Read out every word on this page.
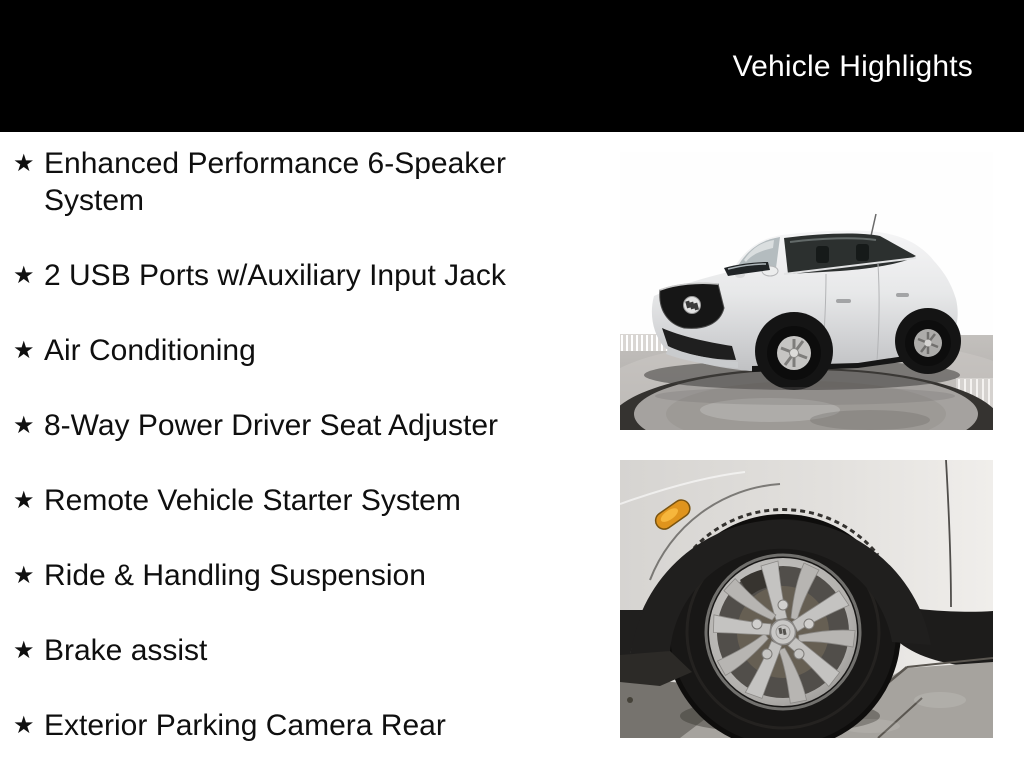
Vehicle Highlights
★ Enhanced Performance 6-Speaker System
★ 2 USB Ports w/Auxiliary Input Jack
★ Air Conditioning
★ 8-Way Power Driver Seat Adjuster
★ Remote Vehicle Starter System
★ Ride & Handling Suspension
★ Brake assist
★ Exterior Parking Camera Rear
